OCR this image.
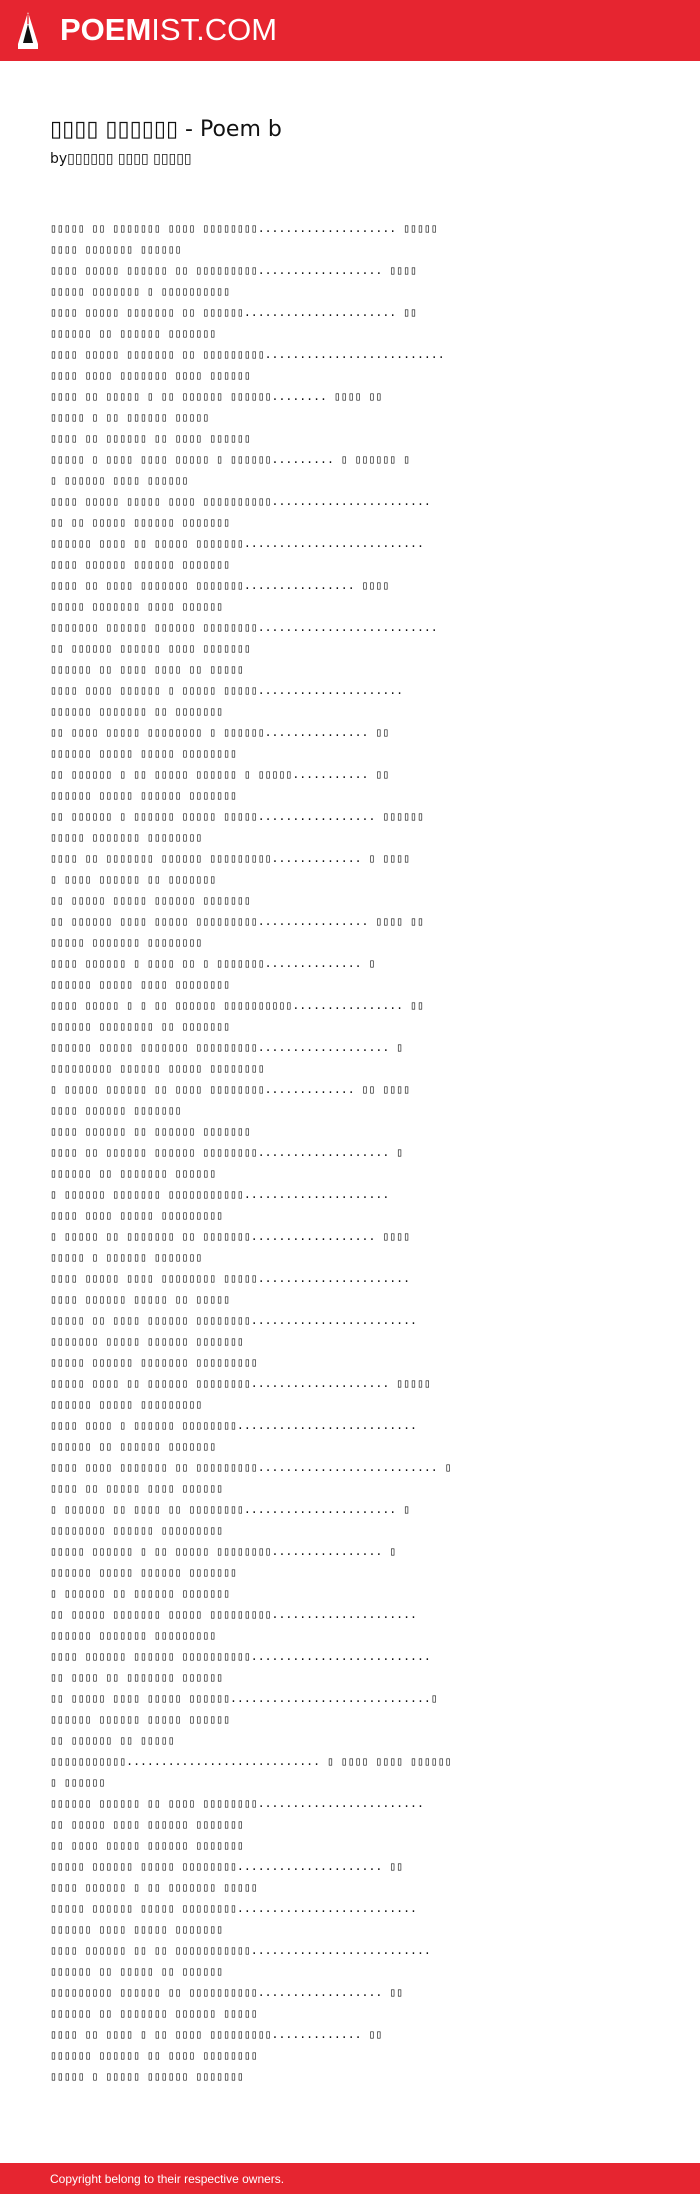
POEMIST.COM
▯▯▯▯ ▯▯▯▯▯▯ - Poem b
by▯▯▯▯▯▯ ▯▯▯▯ ▯▯▯▯▯
▯▯▯▯▯ ▯▯ ▯▯▯▯▯▯▯ ▯▯▯▯ ▯▯▯▯▯▯▯▯.................... ▯▯▯▯▯
▯▯▯▯ ▯▯▯▯▯▯▯ ▯▯▯▯▯▯
▯▯▯▯ ▯▯▯▯▯ ▯▯▯▯▯▯ ▯▯ ▯▯▯▯▯▯▯▯▯.................. ▯▯▯▯
▯▯▯▯▯ ▯▯▯▯▯▯▯ ▯ ▯▯▯▯▯▯▯▯▯▯
▯▯▯▯ ▯▯▯▯▯ ▯▯▯▯▯▯▯ ▯▯ ▯▯▯▯▯▯...................... ▯▯
▯▯▯▯▯▯ ▯▯ ▯▯▯▯▯▯ ▯▯▯▯▯▯▯
▯▯▯▯ ▯▯▯▯▯ ▯▯▯▯▯▯▯ ▯▯ ▯▯▯▯▯▯▯▯▯..........................
▯▯▯▯ ▯▯▯▯ ▯▯▯▯▯▯▯ ▯▯▯▯ ▯▯▯▯▯▯
▯▯▯▯ ▯▯ ▯▯▯▯▯ ▯ ▯▯ ▯▯▯▯▯▯ ▯▯▯▯▯▯........ ▯▯▯▯ ▯▯
▯▯▯▯▯ ▯ ▯▯ ▯▯▯▯▯▯ ▯▯▯▯▯
▯▯▯▯ ▯▯ ▯▯▯▯▯▯ ▯▯ ▯▯▯▯ ▯▯▯▯▯▯
▯▯▯▯▯ ▯ ▯▯▯▯ ▯▯▯▯ ▯▯▯▯▯ ▯ ▯▯▯▯▯▯......... ▯ ▯▯▯▯▯▯ ▯
▯ ▯▯▯▯▯▯ ▯▯▯▯ ▯▯▯▯▯▯
▯▯▯▯ ▯▯▯▯▯ ▯▯▯▯▯ ▯▯▯▯ ▯▯▯▯▯▯▯▯▯▯.......................
▯▯ ▯▯ ▯▯▯▯▯ ▯▯▯▯▯▯ ▯▯▯▯▯▯▯
▯▯▯▯▯▯ ▯▯▯▯ ▯▯ ▯▯▯▯▯ ▯▯▯▯▯▯▯..........................
▯▯▯▯ ▯▯▯▯▯▯ ▯▯▯▯▯▯ ▯▯▯▯▯▯▯
▯▯▯▯ ▯▯ ▯▯▯▯ ▯▯▯▯▯▯▯ ▯▯▯▯▯▯▯................ ▯▯▯▯
▯▯▯▯▯ ▯▯▯▯▯▯▯ ▯▯▯▯ ▯▯▯▯▯▯
▯▯▯▯▯▯▯ ▯▯▯▯▯▯ ▯▯▯▯▯▯ ▯▯▯▯▯▯▯▯..........................
▯▯ ▯▯▯▯▯▯ ▯▯▯▯▯▯ ▯▯▯▯ ▯▯▯▯▯▯▯
▯▯▯▯▯▯ ▯▯ ▯▯▯▯ ▯▯▯▯ ▯▯ ▯▯▯▯▯
▯▯▯▯ ▯▯▯▯ ▯▯▯▯▯▯ ▯ ▯▯▯▯▯ ▯▯▯▯▯.....................
▯▯▯▯▯▯ ▯▯▯▯▯▯▯ ▯▯ ▯▯▯▯▯▯▯
▯▯ ▯▯▯▯ ▯▯▯▯▯ ▯▯▯▯▯▯▯▯ ▯ ▯▯▯▯▯▯............... ▯▯
▯▯▯▯▯▯ ▯▯▯▯▯ ▯▯▯▯▯ ▯▯▯▯▯▯▯▯
▯▯ ▯▯▯▯▯▯ ▯ ▯▯ ▯▯▯▯▯ ▯▯▯▯▯▯ ▯ ▯▯▯▯▯........... ▯▯
▯▯▯▯▯▯ ▯▯▯▯▯ ▯▯▯▯▯▯ ▯▯▯▯▯▯▯
▯▯ ▯▯▯▯▯▯ ▯ ▯▯▯▯▯▯ ▯▯▯▯▯ ▯▯▯▯▯................. ▯▯▯▯▯▯
▯▯▯▯▯ ▯▯▯▯▯▯▯ ▯▯▯▯▯▯▯▯
▯▯▯▯ ▯▯ ▯▯▯▯▯▯▯ ▯▯▯▯▯▯ ▯▯▯▯▯▯▯▯▯............. ▯ ▯▯▯▯
▯ ▯▯▯▯ ▯▯▯▯▯▯ ▯▯ ▯▯▯▯▯▯▯
▯▯ ▯▯▯▯▯ ▯▯▯▯▯ ▯▯▯▯▯▯ ▯▯▯▯▯▯▯
▯▯ ▯▯▯▯▯▯ ▯▯▯▯ ▯▯▯▯▯ ▯▯▯▯▯▯▯▯▯................ ▯▯▯▯ ▯▯
▯▯▯▯▯ ▯▯▯▯▯▯▯ ▯▯▯▯▯▯▯▯
▯▯▯▯ ▯▯▯▯▯▯ ▯ ▯▯▯▯ ▯▯ ▯ ▯▯▯▯▯▯▯.............. ▯
▯▯▯▯▯▯ ▯▯▯▯▯ ▯▯▯▯ ▯▯▯▯▯▯▯▯
▯▯▯▯ ▯▯▯▯▯ ▯ ▯ ▯▯ ▯▯▯▯▯▯ ▯▯▯▯▯▯▯▯▯▯................ ▯▯
▯▯▯▯▯▯ ▯▯▯▯▯▯▯▯ ▯▯ ▯▯▯▯▯▯▯
▯▯▯▯▯▯ ▯▯▯▯▯ ▯▯▯▯▯▯▯ ▯▯▯▯▯▯▯▯▯................... ▯
▯▯▯▯▯▯▯▯▯ ▯▯▯▯▯▯ ▯▯▯▯▯ ▯▯▯▯▯▯▯▯
▯ ▯▯▯▯▯ ▯▯▯▯▯▯ ▯▯ ▯▯▯▯ ▯▯▯▯▯▯▯▯............. ▯▯ ▯▯▯▯
▯▯▯▯ ▯▯▯▯▯▯ ▯▯▯▯▯▯▯
▯▯▯▯ ▯▯▯▯▯▯ ▯▯ ▯▯▯▯▯▯ ▯▯▯▯▯▯▯
▯▯▯▯ ▯▯ ▯▯▯▯▯▯ ▯▯▯▯▯▯ ▯▯▯▯▯▯▯▯................... ▯
▯▯▯▯▯▯ ▯▯ ▯▯▯▯▯▯▯ ▯▯▯▯▯▯
▯ ▯▯▯▯▯▯ ▯▯▯▯▯▯▯ ▯▯▯▯▯▯▯▯▯▯▯.....................
▯▯▯▯ ▯▯▯▯ ▯▯▯▯▯ ▯▯▯▯▯▯▯▯▯
▯ ▯▯▯▯▯ ▯▯ ▯▯▯▯▯▯▯ ▯▯ ▯▯▯▯▯▯▯.................. ▯▯▯▯
▯▯▯▯▯ ▯ ▯▯▯▯▯▯ ▯▯▯▯▯▯▯
▯▯▯▯ ▯▯▯▯▯ ▯▯▯▯ ▯▯▯▯▯▯▯▯ ▯▯▯▯▯......................
▯▯▯▯ ▯▯▯▯▯▯ ▯▯▯▯▯ ▯▯ ▯▯▯▯▯
▯▯▯▯▯ ▯▯ ▯▯▯▯ ▯▯▯▯▯▯ ▯▯▯▯▯▯▯▯........................
▯▯▯▯▯▯▯ ▯▯▯▯▯ ▯▯▯▯▯▯ ▯▯▯▯▯▯▯
▯▯▯▯▯ ▯▯▯▯▯▯ ▯▯▯▯▯▯▯ ▯▯▯▯▯▯▯▯▯
▯▯▯▯▯ ▯▯▯▯ ▯▯ ▯▯▯▯▯▯ ▯▯▯▯▯▯▯▯.................... ▯▯▯▯▯
▯▯▯▯▯▯ ▯▯▯▯▯ ▯▯▯▯▯▯▯▯▯
▯▯▯▯ ▯▯▯▯ ▯ ▯▯▯▯▯▯ ▯▯▯▯▯▯▯▯..........................
▯▯▯▯▯▯ ▯▯ ▯▯▯▯▯▯ ▯▯▯▯▯▯▯
▯▯▯▯ ▯▯▯▯ ▯▯▯▯▯▯▯ ▯▯ ▯▯▯▯▯▯▯▯▯.......................... ▯
▯▯▯▯ ▯▯ ▯▯▯▯▯ ▯▯▯▯ ▯▯▯▯▯▯
▯ ▯▯▯▯▯▯ ▯▯ ▯▯▯▯ ▯▯ ▯▯▯▯▯▯▯▯...................... ▯
▯▯▯▯▯▯▯▯ ▯▯▯▯▯▯ ▯▯▯▯▯▯▯▯▯
▯▯▯▯▯ ▯▯▯▯▯▯ ▯ ▯▯ ▯▯▯▯▯ ▯▯▯▯▯▯▯▯................ ▯
▯▯▯▯▯▯ ▯▯▯▯▯ ▯▯▯▯▯▯ ▯▯▯▯▯▯▯
▯ ▯▯▯▯▯▯ ▯▯ ▯▯▯▯▯▯ ▯▯▯▯▯▯▯
▯▯ ▯▯▯▯▯ ▯▯▯▯▯▯▯ ▯▯▯▯▯ ▯▯▯▯▯▯▯▯▯.....................
▯▯▯▯▯▯ ▯▯▯▯▯▯▯ ▯▯▯▯▯▯▯▯▯
▯▯▯▯ ▯▯▯▯▯▯ ▯▯▯▯▯▯ ▯▯▯▯▯▯▯▯▯▯..........................
▯▯ ▯▯▯▯ ▯▯ ▯▯▯▯▯▯▯ ▯▯▯▯▯▯
▯▯ ▯▯▯▯▯ ▯▯▯▯ ▯▯▯▯▯ ▯▯▯▯▯▯.............................▯
▯▯▯▯▯▯ ▯▯▯▯▯▯ ▯▯▯▯▯ ▯▯▯▯▯▯
▯▯ ▯▯▯▯▯▯ ▯▯ ▯▯▯▯▯
▯▯▯▯▯▯▯▯▯▯▯............................ ▯ ▯▯▯▯ ▯▯▯▯ ▯▯▯▯▯▯
▯ ▯▯▯▯▯▯
▯▯▯▯▯▯ ▯▯▯▯▯▯ ▯▯ ▯▯▯▯ ▯▯▯▯▯▯▯▯........................
▯▯ ▯▯▯▯▯ ▯▯▯▯ ▯▯▯▯▯▯ ▯▯▯▯▯▯▯
▯▯ ▯▯▯▯ ▯▯▯▯▯ ▯▯▯▯▯▯ ▯▯▯▯▯▯▯
▯▯▯▯▯ ▯▯▯▯▯▯ ▯▯▯▯▯ ▯▯▯▯▯▯▯▯..................... ▯▯
▯▯▯▯ ▯▯▯▯▯▯ ▯ ▯▯ ▯▯▯▯▯▯▯ ▯▯▯▯▯
▯▯▯▯▯ ▯▯▯▯▯▯ ▯▯▯▯▯ ▯▯▯▯▯▯▯▯..........................
▯▯▯▯▯▯ ▯▯▯▯ ▯▯▯▯▯ ▯▯▯▯▯▯▯
▯▯▯▯ ▯▯▯▯▯▯ ▯▯ ▯▯ ▯▯▯▯▯▯▯▯▯▯▯..........................
▯▯▯▯▯▯ ▯▯ ▯▯▯▯▯ ▯▯ ▯▯▯▯▯▯
▯▯▯▯▯▯▯▯▯ ▯▯▯▯▯▯ ▯▯ ▯▯▯▯▯▯▯▯▯▯.................. ▯▯
▯▯▯▯▯▯ ▯▯ ▯▯▯▯▯▯▯ ▯▯▯▯▯▯ ▯▯▯▯▯
▯▯▯▯ ▯▯ ▯▯▯▯ ▯ ▯▯ ▯▯▯▯ ▯▯▯▯▯▯▯▯▯............. ▯▯
▯▯▯▯▯▯ ▯▯▯▯▯▯ ▯▯ ▯▯▯▯ ▯▯▯▯▯▯▯▯
▯▯▯▯▯ ▯ ▯▯▯▯▯ ▯▯▯▯▯▯ ▯▯▯▯▯▯▯
Copyright belong to their respective owners.
